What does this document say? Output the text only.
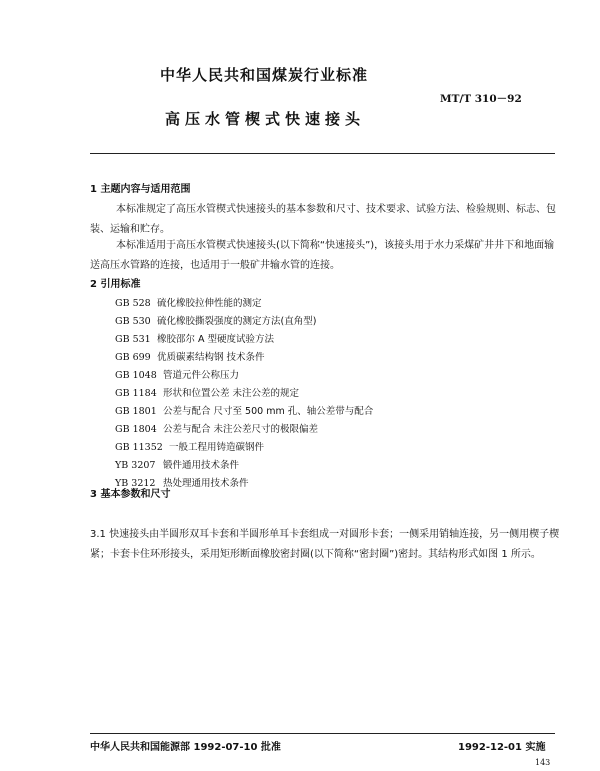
中华人民共和国煤炭行业标准
MT/T 310－92
高压水管楔式快速接头
1 主题内容与适用范围
本标准规定了高压水管楔式快速接头的基本参数和尺寸、技术要求、试验方法、检验规则、标志、包装、运输和贮存。
本标准适用于高压水管楔式快速接头(以下简称“快速接头”)，该接头用于水力采煤矿井井下和地面输送高压水管路的连接，也适用于一般矿井输水管的连接。
2 引用标准
GB 528 硫化橡胶拉伸性能的测定
GB 530 硫化橡胶撕裂强度的测定方法(直角型)
GB 531 橡胶邵尔 A 型硬度试验方法
GB 699 优质碳素结构钢 技术条件
GB 1048 管道元件公称压力
GB 1184 形状和位置公差 未注公差的规定
GB 1801 公差与配合 尺寸至 500 mm 孔、轴公差带与配合
GB 1804 公差与配合 未注公差尺寸的极限偏差
GB 11352 一般工程用铸造碳钢件
YB 3207 锻件通用技术条件
YB 3212 热处理通用技术条件
3 基本参数和尺寸
3.1 快速接头由半圆形双耳卡套和半圆形单耳卡套组成一对圆形卡套；一侧采用销轴连接，另一侧用楔子楔紧；卡套卡住环形接头，采用矩形断面橡胶密封圈(以下简称“密封圈”)密封。其结构形式如图 1 所示。
中华人民共和国能源部 1992-07-10 批准	1992-12-01 实施
143
